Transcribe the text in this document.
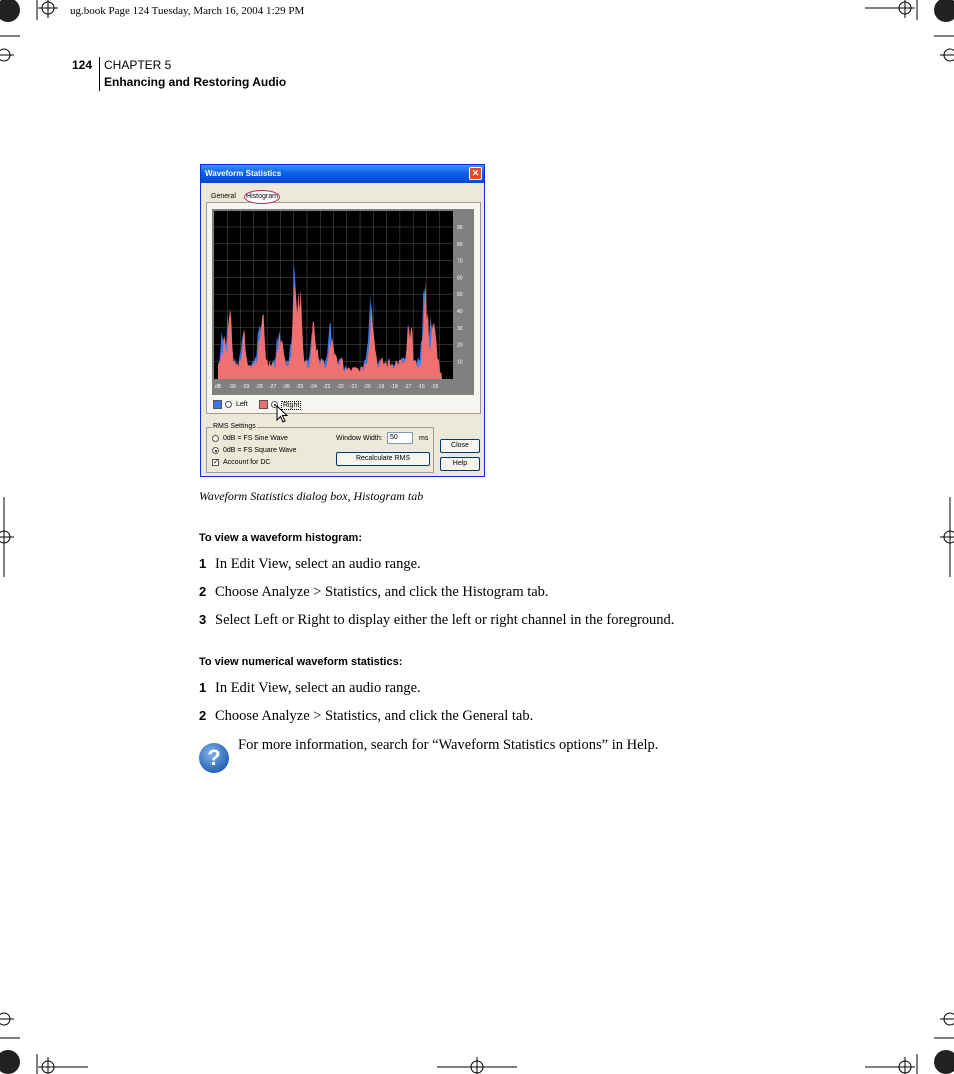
ug.book Page 124 Tuesday, March 16, 2004 1:29 PM
124 CHAPTER 5
Enhancing and Restoring Audio
Waveform Statistics	✕
General Histogram
90
80
70
60
50
40
30
20
10
dB -30 -29 -28 -27 -26 -25 -24 -23 -22 -21 -20 -19 -18 -17 -16 -15
Left	Right
RMS Settings
0dB = FS Sine Wave
0dB = FS Square Wave
✓ Account for DC
Window Width:	50	ms
Recalculate RMS
Close
Help
Waveform Statistics dialog box, Histogram tab
To view a waveform histogram:
1 In Edit View, select an audio range.
2 Choose Analyze > Statistics, and click the Histogram tab.
3 Select Left or Right to display either the left or right channel in the foreground.
To view numerical waveform statistics:
1 In Edit View, select an audio range.
2 Choose Analyze > Statistics, and click the General tab.
?	For more information, search for “Waveform Statistics options” in Help.
